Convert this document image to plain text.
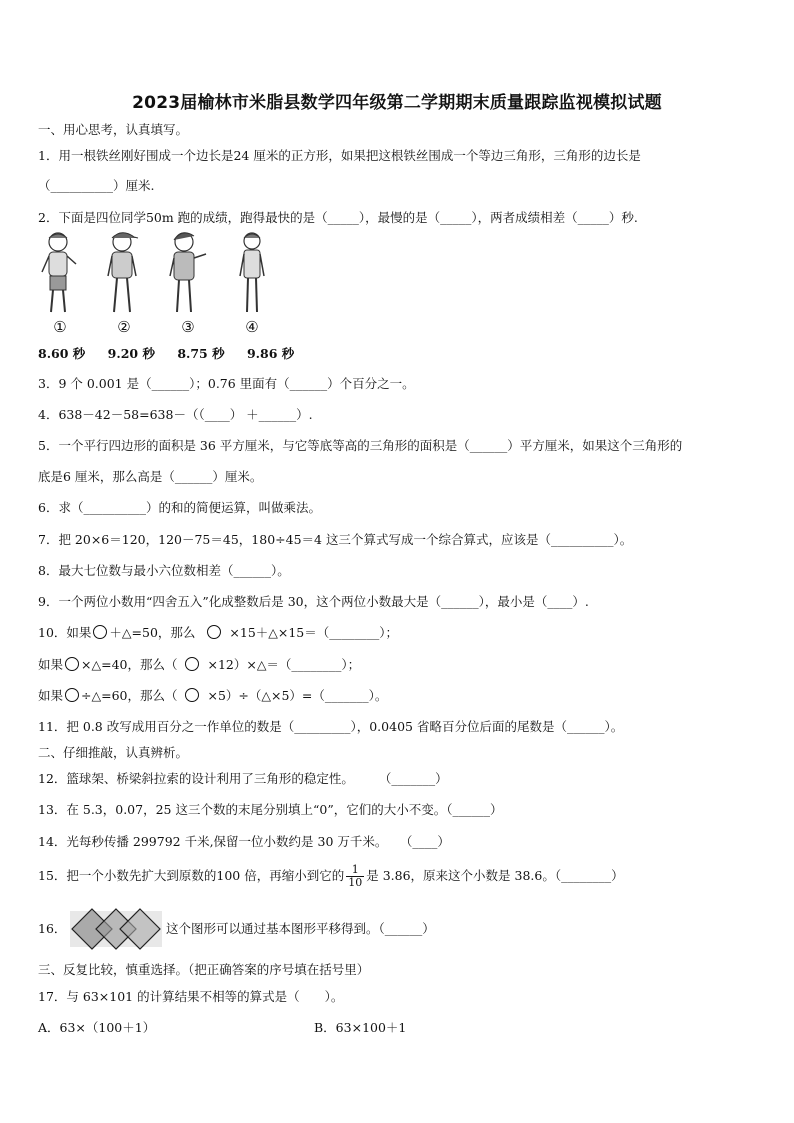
2023届榆林市米脂县数学四年级第二学期期末质量跟踪监视模拟试题
一、用心思考，认真填写。
1．用一根铁丝刚好围成一个边长是24 厘米的正方形，如果把这根铁丝围成一个等边三角形，三角形的边长是
（__________）厘米.
2．下面是四位同学50m 跑的成绩，跑得最快的是（_____），最慢的是（_____），两者成绩相差（_____）秒.
①	②	③	④
8.60 秒 9.20 秒 8.75 秒 9.86 秒
3．9 个 0.001 是（______）；0.76 里面有（______）个百分之一。
4．638－42－58=638－（（____） ＋______）.
5．一个平行四边形的面积是 36 平方厘米，与它等底等高的三角形的面积是（______）平方厘米，如果这个三角形的
底是6 厘米，那么高是（______）厘米。
6．求（__________）的和的简便运算，叫做乘法。
7．把 20×6＝120，120－75＝45，180÷45＝4 这三个算式写成一个综合算式，应该是（__________）。
8．最大七位数与最小六位数相差（______）。
9．一个两位小数用“四舍五入”化成整数后是 30，这个两位小数最大是（______），最小是（____）.
10．如果 ＋△=50，那么	×15＋△×15＝（________）；
如果 ×△=40，那么（ ×12）×△＝（________）；
如果 ÷△=60，那么（ ×5）÷（△×5）=（_______）。
11．把 0.8 改写成用百分之一作单位的数是（_________），0.0405 省略百分位后面的尾数是（______）。
二、仔细推敲，认真辨析。
12．篮球架、桥梁斜拉索的设计利用了三角形的稳定性。　　　（_______）
13．在 5.3，0.07，25 这三个数的末尾分别填上“0”，它们的大小不变。（______）
14．光每秒传播 299792 千米,保留一位小数约是 30 万千米。　　（____）
15．把一个小数先扩大到原数的100 倍，再缩小到它的 $\frac{1}{10}$ 是 3.86，原来这个小数是 38.6。（________）
16．	这个图形可以通过基本图形平移得到。（______）
三、反复比较，慎重选择。（把正确答案的序号填在括号里）
17．与 63×101 的计算结果不相等的算式是（　　）。
A．63×（100＋1）	B．63×100＋1
